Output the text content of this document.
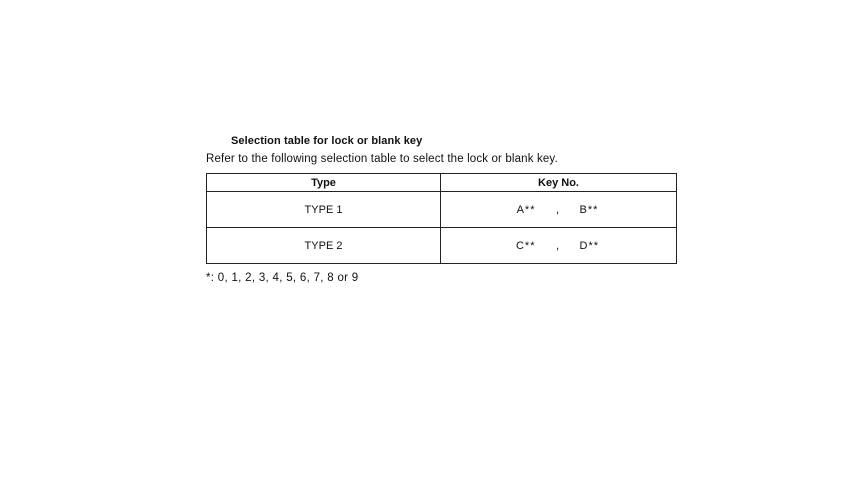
Selection table for lock or blank key
Refer to the following selection table to select the lock or blank key.
Type	Key No.
TYPE 1	A** , B**

TYPE 2	C** , D**
*: 0, 1, 2, 3, 4, 5, 6, 7, 8 or 9
